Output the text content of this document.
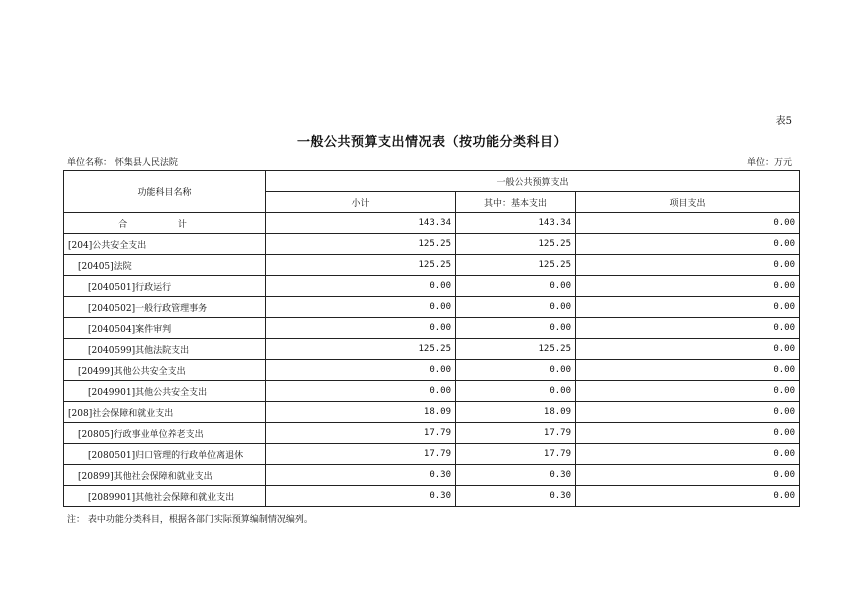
表5
一般公共预算支出情况表（按功能分类科目）
单位名称： 怀集县人民法院	单位：万元
功能科目名称	一般公共预算支出		
	小计	其中：基本支出	项目支出
合 计	143.34	143.34	0.00
[204]公共安全支出	125.25	125.25	0.00
[20405]法院	125.25	125.25	0.00
[2040501]行政运行	0.00	0.00	0.00
[2040502]一般行政管理事务	0.00	0.00	0.00
[2040504]案件审判	0.00	0.00	0.00
[2040599]其他法院支出	125.25	125.25	0.00
[20499]其他公共安全支出	0.00	0.00	0.00
[2049901]其他公共安全支出	0.00	0.00	0.00
[208]社会保障和就业支出	18.09	18.09	0.00
[20805]行政事业单位养老支出	17.79	17.79	0.00
[2080501]归口管理的行政单位离退休	17.79	17.79	0.00
[20899]其他社会保障和就业支出	0.30	0.30	0.00
[2089901]其他社会保障和就业支出	0.30	0.30	0.00
注： 表中功能分类科目，根据各部门实际预算编制情况编列。
